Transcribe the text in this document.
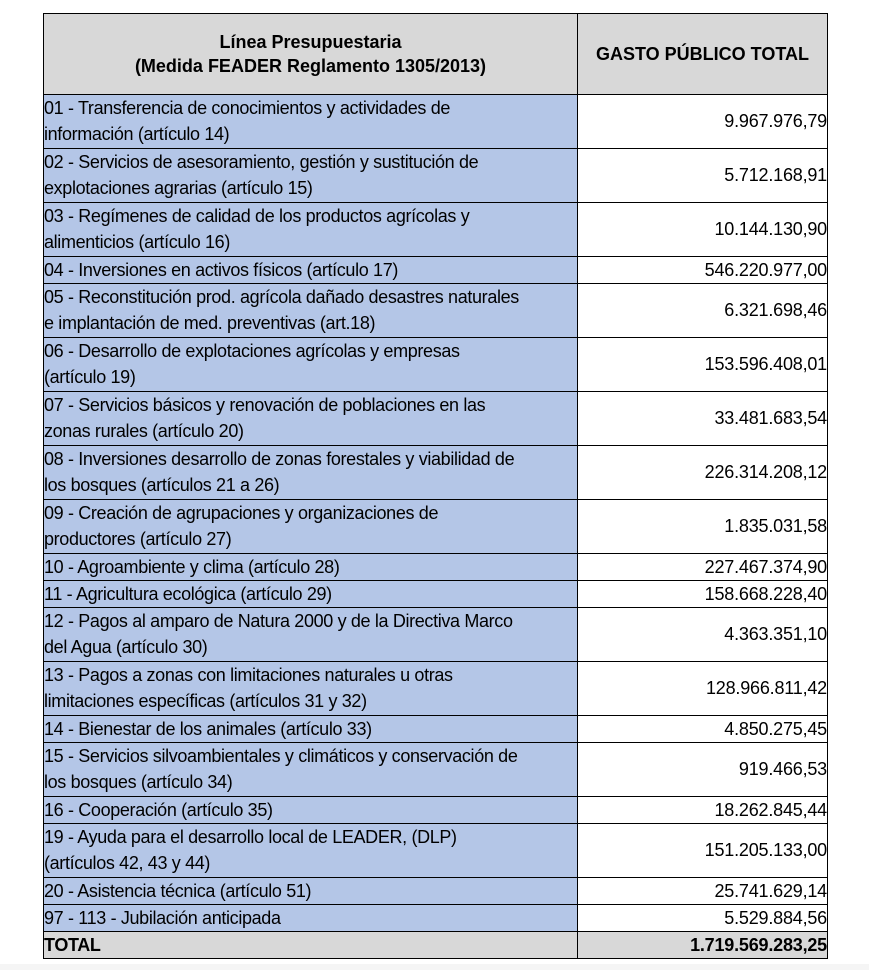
Línea Presupuestaria
(Medida FEADER Reglamento 1305/2013)	GASTO PÚBLICO TOTAL

01 - Transferencia de conocimientos y actividades de
información (artículo 14)	9.967.976,79

02 - Servicios de asesoramiento, gestión y sustitución de
explotaciones agrarias (artículo 15)	5.712.168,91

03 - Regímenes de calidad de los productos agrícolas y
alimenticios (artículo 16)	10.144.130,90

04 - Inversiones en activos físicos (artículo 17)	546.220.977,00

05 - Reconstitución prod. agrícola dañado desastres naturales
e implantación de med. preventivas (art.18)	6.321.698,46

06 - Desarrollo de explotaciones agrícolas y empresas
(artículo 19)	153.596.408,01

07 - Servicios básicos y renovación de poblaciones en las
zonas rurales (artículo 20)	33.481.683,54

08 - Inversiones desarrollo de zonas forestales y viabilidad de
los bosques (artículos 21 a 26)	226.314.208,12

09 - Creación de agrupaciones y organizaciones de
productores (artículo 27)	1.835.031,58

10 - Agroambiente y clima (artículo 28)	227.467.374,90

11 - Agricultura ecológica (artículo 29)	158.668.228,40

12 - Pagos al amparo de Natura 2000 y de la Directiva Marco
del Agua (artículo 30)	4.363.351,10

13 - Pagos a zonas con limitaciones naturales u otras
limitaciones específicas (artículos 31 y 32)	128.966.811,42

14 - Bienestar de los animales (artículo 33)	4.850.275,45

15 - Servicios silvoambientales y climáticos y conservación de
los bosques (artículo 34)	919.466,53

16 - Cooperación (artículo 35)	18.262.845,44

19 - Ayuda para el desarrollo local de LEADER, (DLP)
(artículos 42, 43 y 44)	151.205.133,00

20 - Asistencia técnica (artículo 51)	25.741.629,14

97 - 113 - Jubilación anticipada	5.529.884,56
TOTAL	1.719.569.283,25
